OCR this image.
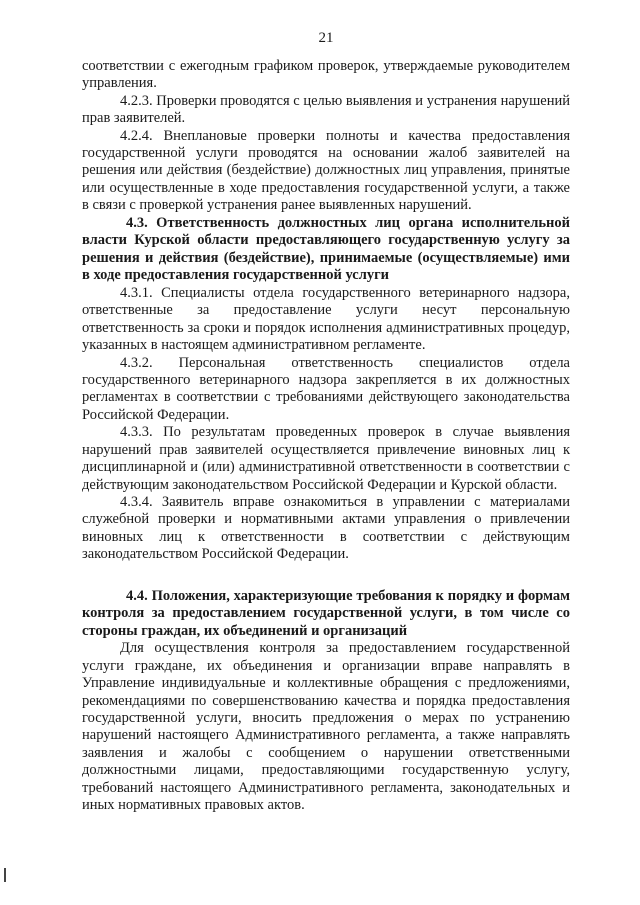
21

соответствии с ежегодным графиком проверок, утверждаемые руководителем управления.

4.2.3. Проверки проводятся с целью выявления и устранения нарушений прав заявителей.

4.2.4. Внеплановые проверки полноты и качества предоставления государственной услуги проводятся на основании жалоб заявителей на решения или действия (бездействие) должностных лиц управления, принятые или осуществленные в ходе предоставления государственной услуги, а также в связи с проверкой устранения ранее выявленных нарушений.

4.3. Ответственность должностных лиц органа исполнительной власти Курской области предоставляющего государственную услугу за решения и действия (бездействие), принимаемые (осуществляемые) ими в ходе предоставления государственной услуги

4.3.1. Специалисты отдела государственного ветеринарного надзора, ответственные за предоставление услуги несут персональную ответственность за сроки и порядок исполнения административных процедур, указанных в настоящем административном регламенте.

4.3.2. Персональная ответственность специалистов отдела государственного ветеринарного надзора закрепляется в их должностных регламентах в соответствии с требованиями действующего законодательства Российской Федерации.

4.3.3. По результатам проведенных проверок в случае выявления нарушений прав заявителей осуществляется привлечение виновных лиц к дисциплинарной и (или) административной ответственности в соответствии с действующим законодательством Российской Федерации и Курской области.

4.3.4. Заявитель вправе ознакомиться в управлении с материалами служебной проверки и нормативными актами управления о привлечении виновных лиц к ответственности в соответствии с действующим законодательством Российской Федерации.

4.4. Положения, характеризующие требования к порядку и формам контроля за предоставлением государственной услуги, в том числе со стороны граждан, их объединений и организаций

Для осуществления контроля за предоставлением государственной услуги граждане, их объединения и организации вправе направлять в Управление индивидуальные и коллективные обращения с предложениями, рекомендациями по совершенствованию качества и порядка предоставления государственной услуги, вносить предложения о мерах по устранению нарушений настоящего Административного регламента, а также направлять заявления и жалобы с сообщением о нарушении ответственными должностными лицами, предоставляющими государственную услугу, требований настоящего Административного регламента, законодательных и иных нормативных правовых актов.
